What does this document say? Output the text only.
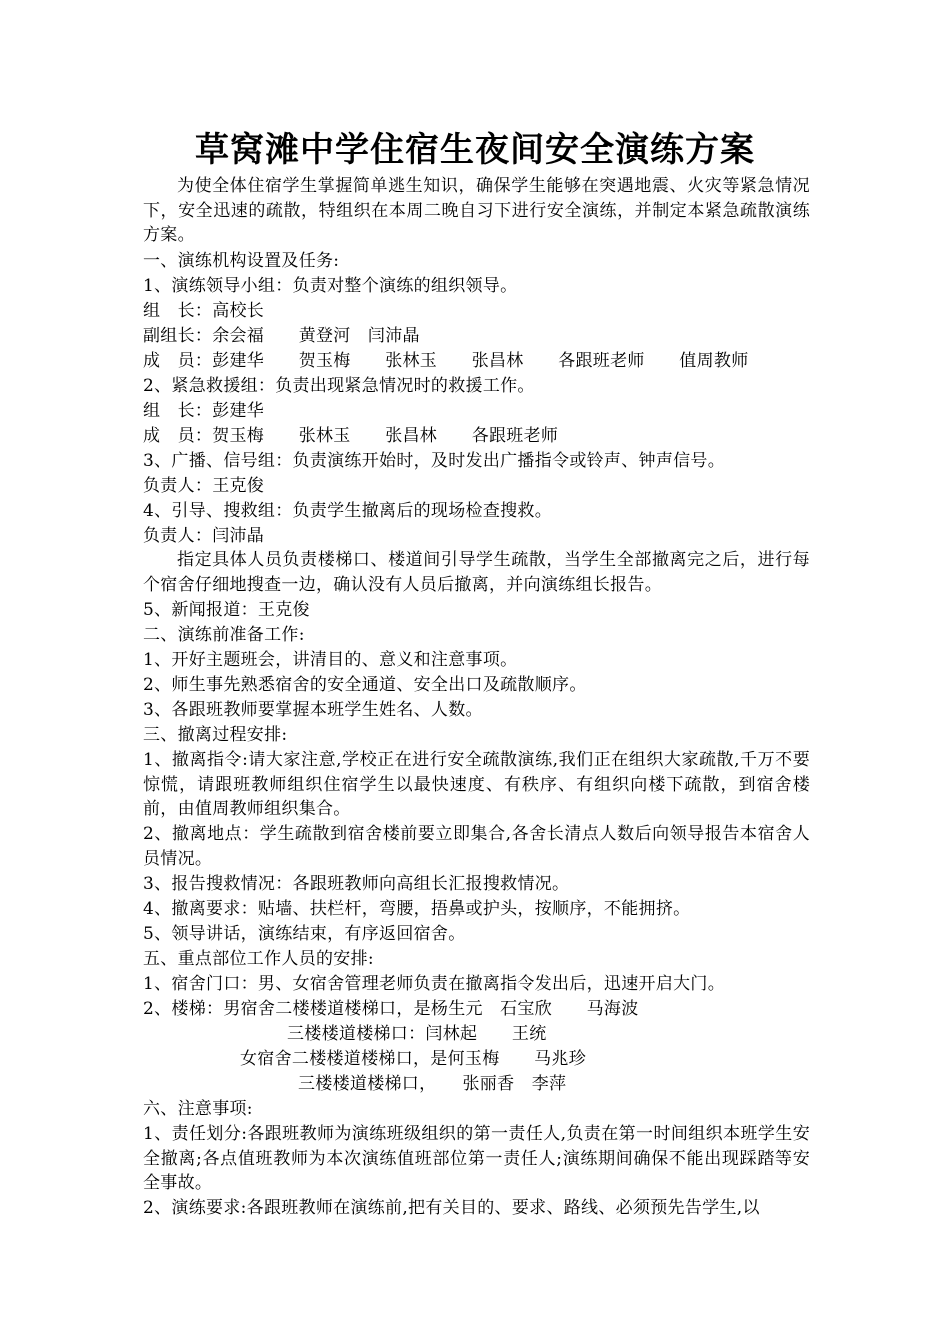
草窝滩中学住宿生夜间安全演练方案
为使全体住宿学生掌握简单逃生知识，确保学生能够在突遇地震、火灾等紧急情况下，安全迅速的疏散，特组织在本周二晚自习下进行安全演练，并制定本紧急疏散演练方案。
一、演练机构设置及任务:
1、演练领导小组：负责对整个演练的组织领导。
组　长：高校长
副组长：余会福　　黄登河　闫沛晶
成　员：彭建华　　贺玉梅　　张林玉　　张昌林　　各跟班老师　　值周教师
2、紧急救援组：负责出现紧急情况时的救援工作。
组　长：彭建华
成　员：贺玉梅　　张林玉　　张昌林　　各跟班老师
3、广播、信号组：负责演练开始时，及时发出广播指令或铃声、钟声信号。
负责人：王克俊
4、引导、搜救组：负责学生撤离后的现场检查搜救。
负责人：闫沛晶
指定具体人员负责楼梯口、楼道间引导学生疏散，当学生全部撤离完之后，进行每个宿舍仔细地搜查一边，确认没有人员后撤离，并向演练组长报告。
5、新闻报道：王克俊
二、演练前准备工作:
1、开好主题班会，讲清目的、意义和注意事项。
2、师生事先熟悉宿舍的安全通道、安全出口及疏散顺序。
3、各跟班教师要掌握本班学生姓名、人数。
三、撤离过程安排:
1、撤离指令:请大家注意,学校正在进行安全疏散演练,我们正在组织大家疏散,千万不要惊慌，请跟班教师组织住宿学生以最快速度、有秩序、有组织向楼下疏散，到宿舍楼前，由值周教师组织集合。
2、撤离地点：学生疏散到宿舍楼前要立即集合,各舍长清点人数后向领导报告本宿舍人员情况。
3、报告搜救情况：各跟班教师向高组长汇报搜救情况。
4、撤离要求：贴墙、扶栏杆，弯腰，捂鼻或护头，按顺序，不能拥挤。
5、领导讲话，演练结束，有序返回宿舍。
五、重点部位工作人员的安排:
1、宿舍门口：男、女宿舍管理老师负责在撤离指令发出后，迅速开启大门。
2、楼梯：男宿舍二楼楼道楼梯口，是杨生元　石宝欣　　马海波
三楼楼道楼梯口：闫林起　　王统
女宿舍二楼楼道楼梯口，是何玉梅　　马兆珍
三楼楼道楼梯口，　　张丽香　李萍
六、注意事项:
1、责任划分:各跟班教师为演练班级组织的第一责任人,负责在第一时间组织本班学生安全撤离;各点值班教师为本次演练值班部位第一责任人;演练期间确保不能出现踩踏等安全事故。
2、演练要求:各跟班教师在演练前,把有关目的、要求、路线、必须预先告学生,以
